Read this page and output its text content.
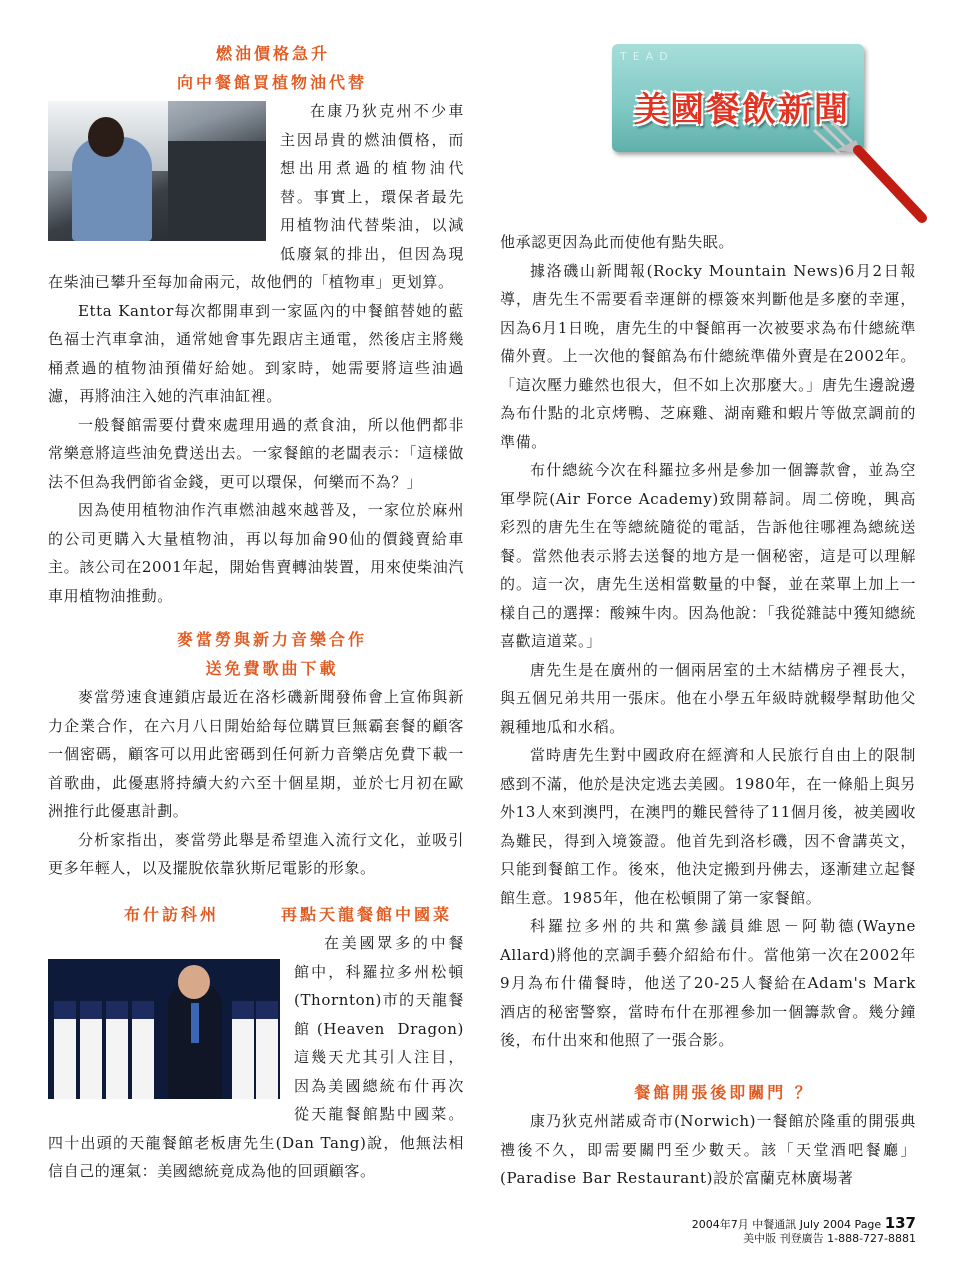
TEAD
美國餐飲新聞

燃油價格急升向中餐館買植物油代替

在康乃狄克州不少車主因昂貴的燃油價格，而想出用煮過的植物油代替。事實上，環保者最先用植物油代替柴油，以減低廢氣的排出，但因為現在柴油已攀升至每加侖兩元，故他們的「植物車」更划算。

Etta Kantor每次都開車到一家區內的中餐館替她的藍色福士汽車拿油，通常她會事先跟店主通電，然後店主將幾桶煮過的植物油預備好給她。到家時，她需要將這些油過濾，再將油注入她的汽車油缸裡。

一般餐館需要付費來處理用過的煮食油，所以他們都非常樂意將這些油免費送出去。一家餐館的老闆表示：「這樣做法不但為我們節省金錢，更可以環保，何樂而不為？」

因為使用植物油作汽車燃油越來越普及，一家位於麻州的公司更購入大量植物油，再以每加侖90仙的價錢賣給車主。該公司在2001年起，開始售賣轉油裝置，用來使柴油汽車用植物油推動。

麥當勞與新力音樂合作

送免費歌曲下載

麥當勞速食連鎖店最近在洛杉磯新聞發佈會上宣佈與新力企業合作，在六月八日開始給每位購買巨無霸套餐的顧客一個密碼，顧客可以用此密碼到任何新力音樂店免費下載一首歌曲，此優惠將持續大約六至十個星期，並於七月初在歐洲推行此優惠計劃。

分析家指出，麥當勞此舉是希望進入流行文化，並吸引更多年輕人，以及擺脫依靠狄斯尼電影的形象。

布什訪科州	再點天龍餐館中國菜

在美國眾多的中餐館中，科羅拉多州松頓(Thornton)市的天龍餐館(Heaven Dragon)這幾天尤其引人注目，因為美國總統布什再次從天龍餐館點中國菜。四十出頭的天龍餐館老板唐先生(Dan Tang)說，他無法相信自己的運氣：美國總統竟成為他的回頭顧客。

他承認更因為此而使他有點失眠。

據洛磯山新聞報(Rocky Mountain News)6月2日報導，唐先生不需要看幸運餅的標簽來判斷他是多麼的幸運，因為6月1日晚，唐先生的中餐館再一次被要求為布什總統準備外賣。上一次他的餐館為布什總統準備外賣是在2002年。「這次壓力雖然也很大，但不如上次那麼大。」唐先生邊說邊為布什點的北京烤鴨、芝麻雞、湖南雞和蝦片等做烹調前的準備。

布什總統今次在科羅拉多州是參加一個籌款會，並為空軍學院(Air Force Academy)致開幕詞。周二傍晚，興高彩烈的唐先生在等總統隨從的電話，告訴他往哪裡為總統送餐。當然他表示將去送餐的地方是一個秘密，這是可以理解的。這一次，唐先生送相當數量的中餐，並在菜單上加上一樣自己的選擇：酸辣牛肉。因為他說：「我從雜誌中獲知總統喜歡這道菜。」

唐先生是在廣州的一個兩居室的土木結構房子裡長大，與五個兄弟共用一張床。他在小學五年級時就輟學幫助他父親種地瓜和水稻。

當時唐先生對中國政府在經濟和人民旅行自由上的限制感到不滿，他於是決定逃去美國。1980年，在一條船上與另外13人來到澳門，在澳門的難民營待了11個月後，被美國收為難民，得到入境簽證。他首先到洛杉磯，因不會講英文，只能到餐館工作。後來，他決定搬到丹佛去，逐漸建立起餐館生意。1985年，他在松頓開了第一家餐館。

科羅拉多州的共和黨參議員維恩－阿勒德(Wayne Allard)將他的烹調手藝介紹給布什。當他第一次在2002年9月為布什備餐時，他送了20-25人餐給在Adam's Mark 酒店的秘密警察，當時布什在那裡參加一個籌款會。幾分鐘後，布什出來和他照了一張合影。

餐館開張後即關門 ？

康乃狄克州諾威奇市(Norwich)一餐館於隆重的開張典禮後不久，即需要關門至少數天。該「天堂酒吧餐廳」(Paradise Bar Restaurant)設於富蘭克林廣場著

2004年7月 中餐通訊 July 2004 Page 137
美中版 刊登廣告 1-888-727-8881
